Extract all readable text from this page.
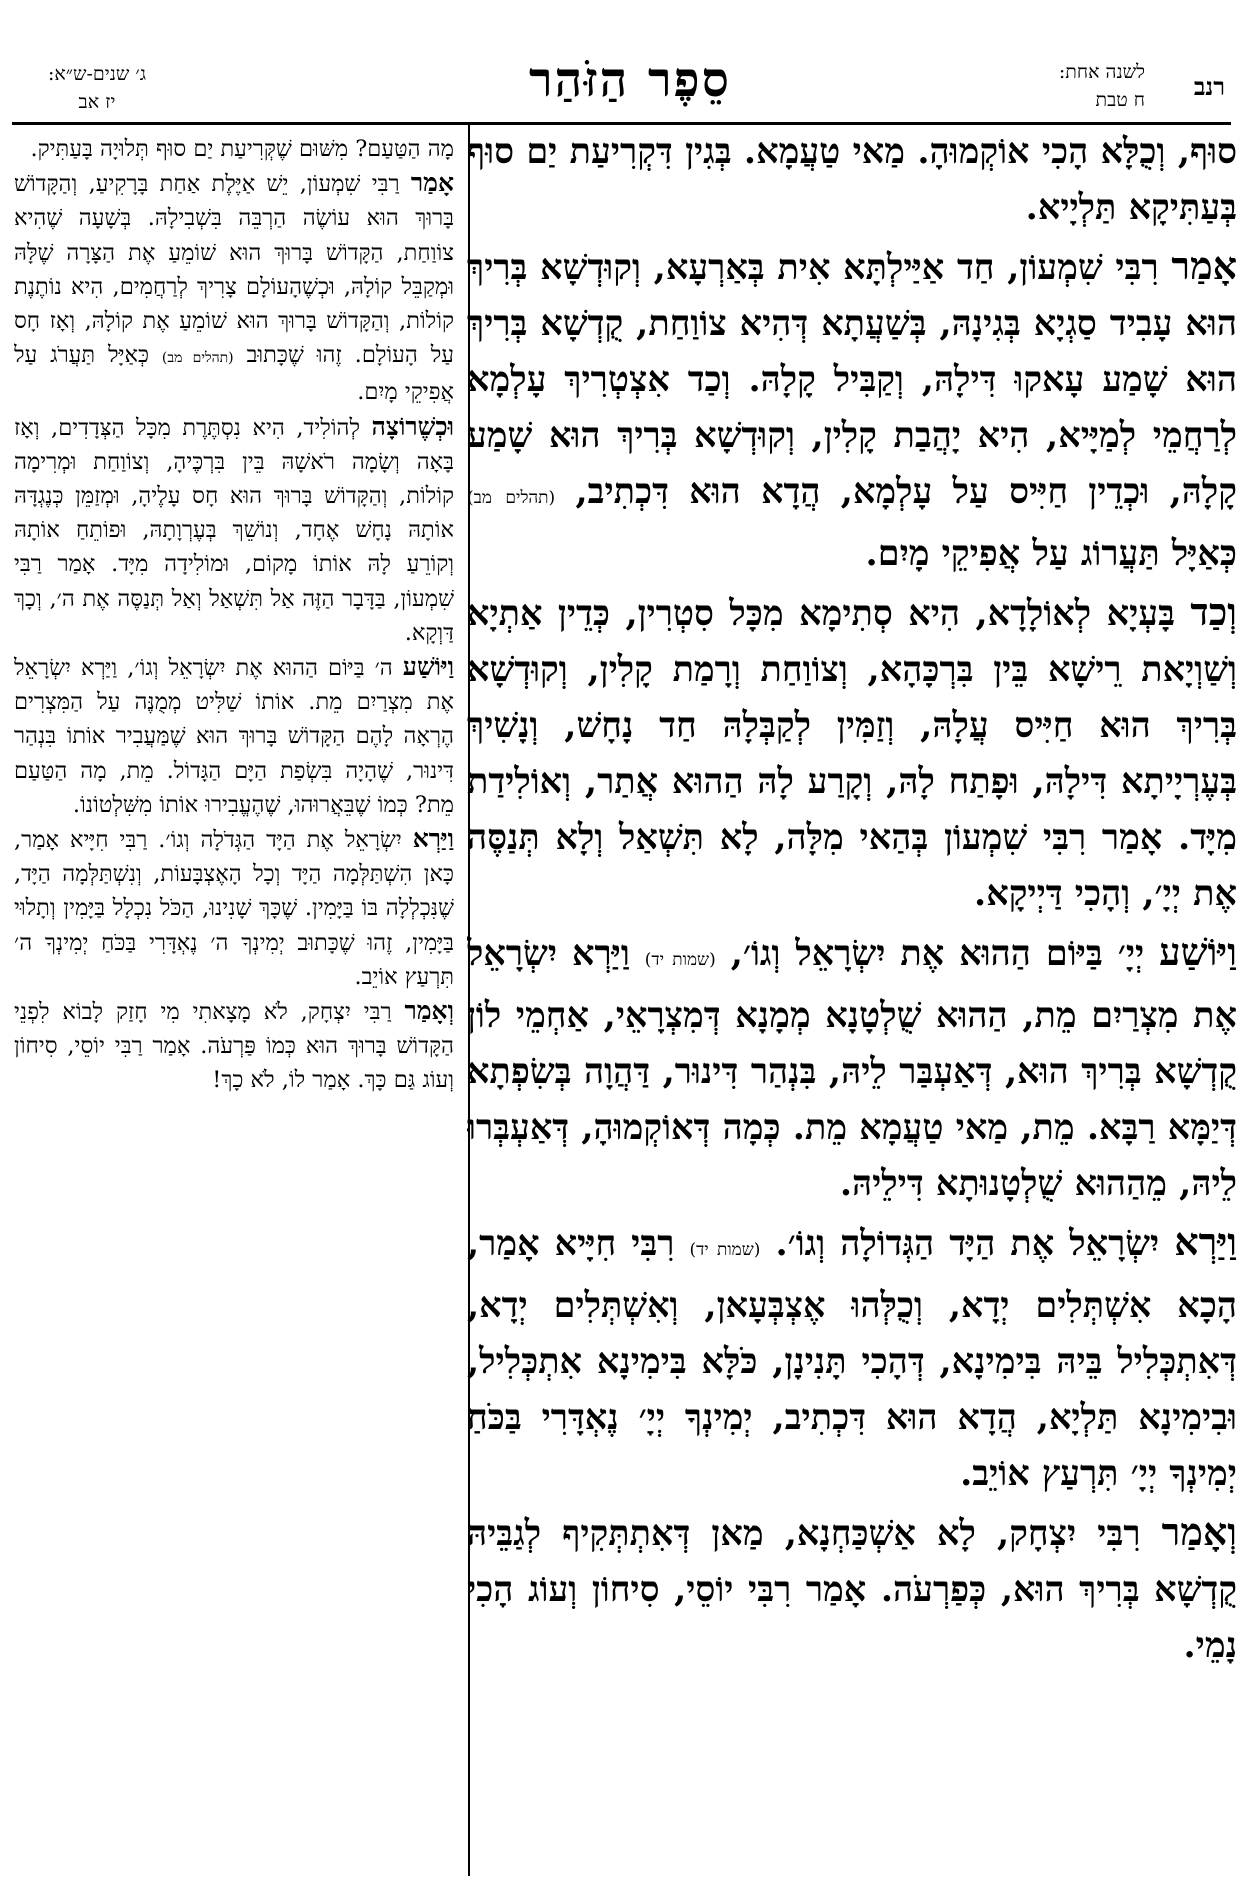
רנב
לשנה אחת:
ח טבת
סֵפֶר הַזֹּהַר
ג׳ שנים-ש״א:
יז אב

סוּף, וְכֻלָּא הָכִי אוֹקְמוּהָ. מַאי טַעֲמָא. בְּגִין דִּקְרִיעַת יַם סוּף בְּעַתִּיקָא תַּלְיָיא.

אָמַר רִבִּי שִׁמְעוֹן, חַד אַיַּילְתָּא אִית בְּאַרְעָא, וְקוּדְשָׁא בְּרִיךְ הוּא עָבִיד סַגְיָא בְּגִינָהּ, בְּשַׁעֲתָא דְּהִיא צוֹוַחַת, קֻדְשָׁא בְּרִיךְ הוּא שָׁמַע עָאקוּ דִּילָהּ, וְקַבִּיל קָלָהּ. וְכַד אִצְטְרִיךְ עָלְמָא לְרַחֲמֵי לְמַיָּיא, הִיא יָהֲבַת קָלִין, וְקוּדְשָׁא בְּרִיךְ הוּא שָׁמַע קָלָהּ, וּכְדֵין חַיִּיס עַל עָלְמָא, הֲדָא הוּא דִּכְתִיב, (תהלים מב) כְּאַיָּל תַּעֲרוֹג עַל אֲפִיקֵי מָיִם.

וְכַד בָּעְיָא לְאוֹלָדָא, הִיא סְתִימָא מִכָּל סִטְרִין, כְּדֵין אַתְיָא וְשַׁוְיָאת רֵישָׁא בֵּין בִּרְכָּהָא, וְצוֹוַחַת וְרָמַת קָלִין, וְקוּדְשָׁא בְּרִיךְ הוּא חַיִּיס עֲלָהּ, וְזַמִּין לְקַבְּלָהּ חַד נָחָשׁ, וְנָשִׁיךְ בְּעֶרְיָיתָא דִּילָהּ, וּפָתַח לָהּ, וְקָרַע לָהּ הַהוּא אֲתַר, וְאוֹלִידַת מִיָּד. אָמַר רִבִּי שִׁמְעוֹן בְּהַאי מִלָּה, לָא תִּשְׁאַל וְלָא תְּנַסֶּה אֶת יְיָ׳, וְהָכִי דַּיְיקָא.

וַיּוֹשַׁע יְיָ׳ בַּיּוֹם הַהוּא אֶת יִשְׂרָאֵל וְגוֹ׳, (שמות יד) וַיַּרְא יִשְׂרָאֵל אֶת מִצְרַיִם מֵת, הַהוּא שֻׁלְטָנָא מְמָנָא דְּמִצְרָאֵי, אַחְמֵי לוֹן קֻדְשָׁא בְּרִיךְ הוּא, דְּאַעְבַּר לֵיהּ, בִּנְהַר דִּינוּר, דַּהֲוָה בְּשִׂפְתָא דְּיַמָּא רַבָּא. מֵת, מַאי טַעֲמָא מֵת. כְּמָה דְּאוֹקְמוּהָ, דְּאַעְבְּרוּ לֵיהּ, מֵהַהוּא שֻׁלְטָנוּתָא דִּילֵיהּ.

וַיַּרְא יִשְׂרָאֵל אֶת הַיָּד הַגְּדוֹלָה וְגוֹ׳. (שמות יד) רִבִּי חִיָּיא אָמַר, הָכָא אִשְׁתְּלִים יְדָא, וְכֻלְּהוּ אֶצְבְּעָאן, וְאִשְׁתְּלִים יְדָא, דְּאִתְכְּלִיל בֵּיהּ בִּימִינָא, דְּהָכִי תָּנִינָן, כֹּלָּא בִּימִינָא אִתְכְּלִיל, וּבִימִינָא תַּלְיָא, הֲדָא הוּא דִּכְתִיב, יְמִינְךָ יְיָ׳ נֶאְדָּרִי בַּכֹּחַ יְמִינְךָ יְיָ׳ תִּרְעַץ אוֹיֵב.

וְאָמַר רִבִּי יִצְחָק, לָא אַשְׁכַּחְנָא, מַאן דְּאִתְתְּקִיף לְגַבֵּיהּ קֻדְשָׁא בְּרִיךְ הוּא, כְּפַרְעֹה. אָמַר רִבִּי יוֹסֵי, סִיחוֹן וְעוֹג הָכִי נָמֵי.

מָה הַטַּעַם? מִשּׁוּם שֶׁקְּרִיעַת יַם סוּף תְּלוּיָה בָּעַתִּיק.

אָמַר רַבִּי שִׁמְעוֹן, יֵשׁ אַיֶּלֶת אַחַת בָּרָקִיעַ, וְהַקָּדוֹשׁ בָּרוּךְ הוּא עוֹשֶׂה הַרְבֵּה בִּשְׁבִילָהּ. בְּשָׁעָה שֶׁהִיא צוֹוַחַת, הַקָּדוֹשׁ בָּרוּךְ הוּא שׁוֹמֵעַ אֶת הַצָּרָה שֶׁלָּהּ וּמְקַבֵּל קוֹלָהּ, וּכְשֶׁהָעוֹלָם צָרִיךְ לְרַחֲמִים, הִיא נוֹתֶנֶת קוֹלוֹת, וְהַקָּדוֹשׁ בָּרוּךְ הוּא שׁוֹמֵעַ אֶת קוֹלָהּ, וְאָז חָס עַל הָעוֹלָם. זֶהוּ שֶׁכָּתוּב (תהלים מב) כְּאַיָּל תַּעֲרֹג עַל אֲפִיקֵי מָיִם.

וּכְשֶׁרוֹצָה לְהוֹלִיד, הִיא נִסְתֶּרֶת מִכָּל הַצְּדָדִים, וְאָז בָּאָה וְשָׂמָה רֹאשָׁהּ בֵּין בִּרְכֶּיהָ, וְצוֹוַחַת וּמְרִימָה קוֹלוֹת, וְהַקָּדוֹשׁ בָּרוּךְ הוּא חָס עָלֶיהָ, וּמְזַמֵּן כְּנֶגְדָּהּ אוֹתָהּ נָחָשׁ אֶחָד, וְנוֹשֵׁךְ בְּעֶרְוָתָהּ, וּפוֹתֵחַ אוֹתָהּ וְקוֹרֵעַ לָהּ אוֹתוֹ מָקוֹם, וּמוֹלִידָה מִיָּד. אָמַר רַבִּי שִׁמְעוֹן, בַּדָּבָר הַזֶּה אַל תִּשְׁאַל וְאַל תְּנַסֶּה אֶת ה׳, וְכָךְ דַּוְקָא.

וַיּוֹשַׁע ה׳ בַּיּוֹם הַהוּא אֶת יִשְׂרָאֵל וְגוֹ׳, וַיַּרְא יִשְׂרָאֵל אֶת מִצְרַיִם מֵת. אוֹתוֹ שַׁלִּיט מְמֻנֶּה עַל הַמִּצְרִים הֶרְאָה לָהֶם הַקָּדוֹשׁ בָּרוּךְ הוּא שֶׁמַּעֲבִיר אוֹתוֹ בִּנְהַר דִּינוּר, שֶׁהָיָה בִּשְׂפַת הַיָּם הַגָּדוֹל. מֵת, מָה הַטַּעַם מֵת? כְּמוֹ שֶׁבֵּאֲרוּהוּ, שֶׁהֶעֱבִירוּ אוֹתוֹ מִשִּׁלְטוֹנוֹ.

וַיַּרְא יִשְׂרָאֵל אֶת הַיָּד הַגְּדֹלָה וְגוֹ׳. רַבִּי חִיָּיא אָמַר, כָּאן הִשְׁתַּלְּמָה הַיָּד וְכָל הָאֶצְבָּעוֹת, וְנִשְׁתַּלְּמָה הַיָּד, שֶׁנִּכְלְלָה בּוֹ בַּיָּמִין. שֶׁכָּךְ שָׁנִינוּ, הַכֹּל נִכְלָל בַּיָּמִין וְתָלוּי בַּיָּמִין, זֶהוּ שֶׁכָּתוּב יְמִינְךָ ה׳ נֶאְדָּרִי בַּכֹּחַ יְמִינְךָ ה׳ תִּרְעַץ אוֹיֵב.

וְאָמַר רַבִּי יִצְחָק, לֹא מָצָאתִי מִי חָזַק לָבוֹא לִפְנֵי הַקָּדוֹשׁ בָּרוּךְ הוּא כְּמוֹ פַּרְעֹה. אָמַר רַבִּי יוֹסֵי, סִיחוֹן וְעוֹג גַּם כָּךְ. אָמַר לוֹ, לֹא כָךְ!
